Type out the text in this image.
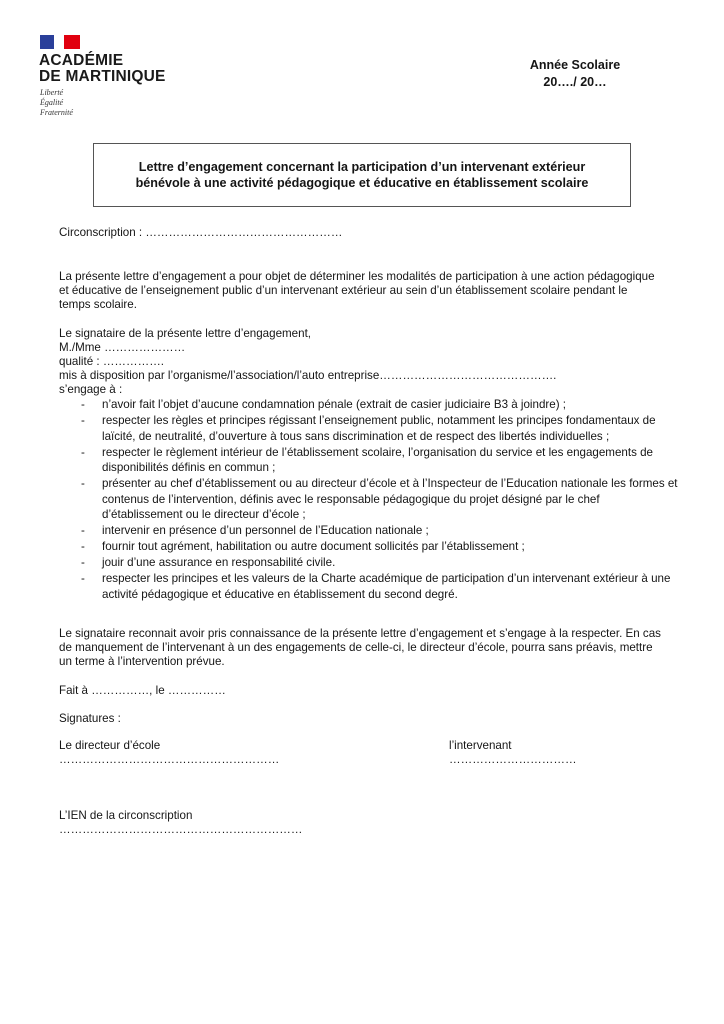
ACADÉMIE
DE MARTINIQUE
Liberté
Égalité
Fraternité
Année Scolaire
20…./ 20…
Lettre d’engagement concernant la participation d’un intervenant extérieur
bénévole à une activité pédagogique et éducative en établissement scolaire
Circonscription : ……………………………………………
La présente lettre d’engagement a pour objet de déterminer les modalités de participation à une action pédagogique et éducative de l’enseignement public d’un intervenant extérieur au sein d’un établissement scolaire pendant le temps scolaire.
Le signataire de la présente lettre d’engagement,
M./Mme …………………
qualité : …………….
mis à disposition par l’organisme/l’association/l’auto entreprise……………………………………….
s’engage à :
- n’avoir fait l’objet d’aucune condamnation pénale (extrait de casier judiciaire B3 à joindre) ;
- respecter les règles et principes régissant l’enseignement public, notamment les principes fondamentaux de laïcité, de neutralité, d’ouverture à tous sans discrimination et de respect des libertés individuelles ;
- respecter le règlement intérieur de l’établissement scolaire, l’organisation du service et les engagements de disponibilités définis en commun ;
- présenter au chef d’établissement ou au directeur d’école et à l’Inspecteur de l’Education nationale les formes et contenus de l’intervention, définis avec le responsable pédagogique du projet désigné par le chef d’établissement ou le directeur d’école ;
- intervenir en présence d’un personnel de l’Education nationale ;
- fournir tout agrément, habilitation ou autre document sollicités par l’établissement ;
- jouir d’une assurance en responsabilité civile.
- respecter les principes et les valeurs de la Charte académique de participation d’un intervenant extérieur à une activité pédagogique et éducative en établissement du second degré.
Le signataire reconnait avoir pris connaissance de la présente lettre d’engagement et s’engage à la respecter. En cas de manquement de l’intervenant à un des engagements de celle-ci, le directeur d’école, pourra sans préavis, mettre un terme à l’intervention prévue.
Fait à ……………, le ……………
Signatures :
Le directeur d’école
…………………………………………………
l’intervenant
……………………………
L’IEN de la circonscription
………………………………………………………
